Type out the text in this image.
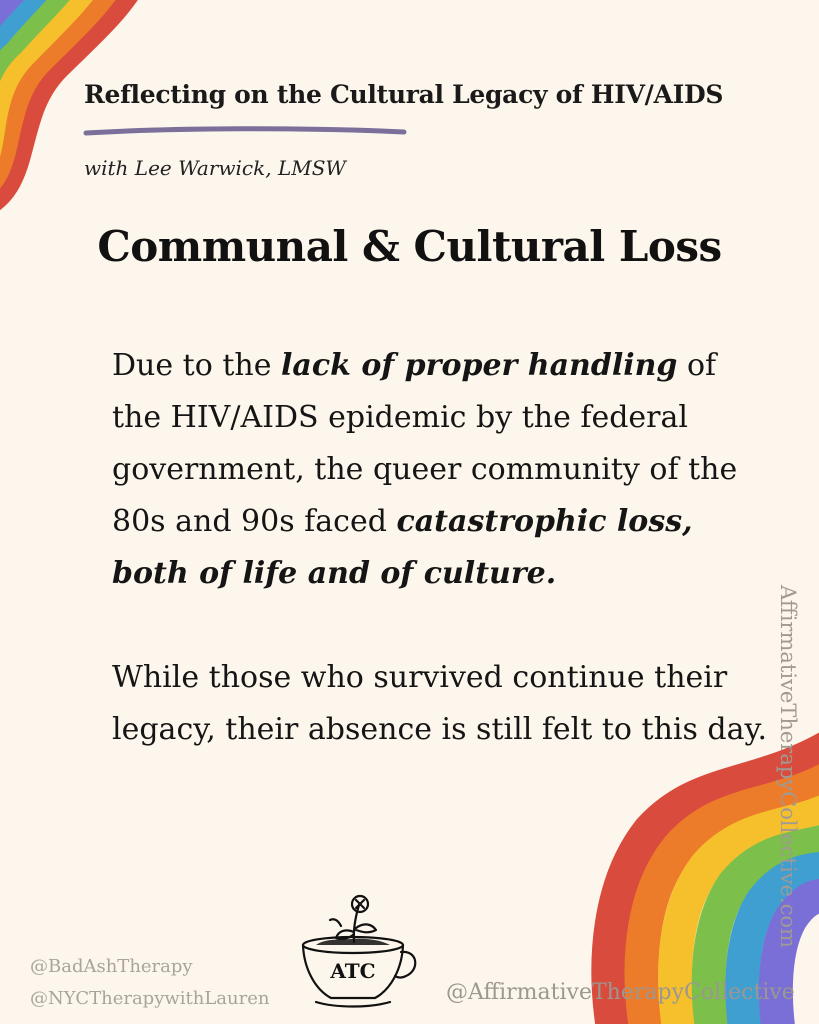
Reflecting on the Cultural Legacy of HIV/AIDS
with Lee Warwick, LMSW
Communal & Cultural Loss

Due to the lack of proper handling of the HIV/AIDS epidemic by the federal government, the queer community of the 80s and 90s faced catastrophic loss, both of life and of culture.

While those who survived continue their legacy, their absence is still felt to this day. AffirmativeTherapyCollective.com
@BadAshTherapy
@NYCTherapywithLauren	@AffirmativeTherapyCollective
ATC
